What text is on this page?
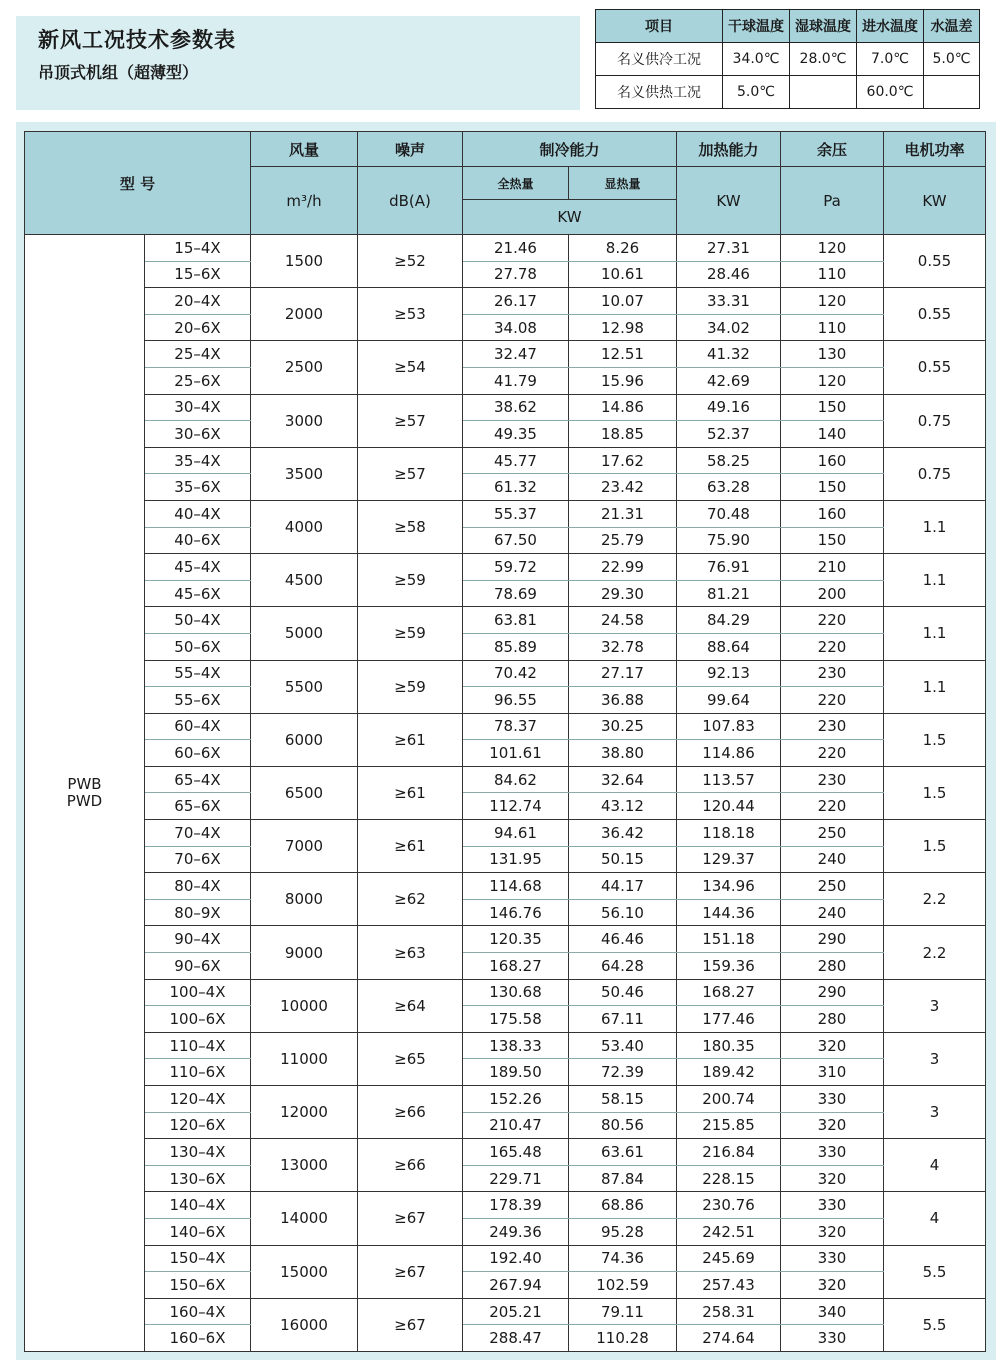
新风工况技术参数表
吊顶式机组（超薄型）
项目	干球温度	湿球温度	进水温度	水温差
名义供冷工况	34.0℃	28.0℃	7.0℃	5.0℃
名义供热工况	5.0℃		60.0℃	
型 号		风量	噪声	制冷能力		加热能力	余压	电机功率
		m³/h	dB(A)	全热量	显热量	KW	Pa	KW
				KW				

PWB
PWD	15–4X	1500	≥52	21.46	8.26	27.31	120	0.55
	15–6X			27.78	10.61	28.46	110	
	20–4X	2000	≥53	26.17	10.07	33.31	120	0.55
	20–6X			34.08	12.98	34.02	110	
	25–4X	2500	≥54	32.47	12.51	41.32	130	0.55
	25–6X			41.79	15.96	42.69	120	
	30–4X	3000	≥57	38.62	14.86	49.16	150	0.75
	30–6X			49.35	18.85	52.37	140	
	35–4X	3500	≥57	45.77	17.62	58.25	160	0.75
	35–6X			61.32	23.42	63.28	150	
	40–4X	4000	≥58	55.37	21.31	70.48	160	1.1
	40–6X			67.50	25.79	75.90	150	
	45–4X	4500	≥59	59.72	22.99	76.91	210	1.1
	45–6X			78.69	29.30	81.21	200	
	50–4X	5000	≥59	63.81	24.58	84.29	220	1.1
	50–6X			85.89	32.78	88.64	220	
	55–4X	5500	≥59	70.42	27.17	92.13	230	1.1
	55–6X			96.55	36.88	99.64	220	
	60–4X	6000	≥61	78.37	30.25	107.83	230	1.5
	60–6X			101.61	38.80	114.86	220	
	65–4X	6500	≥61	84.62	32.64	113.57	230	1.5
	65–6X			112.74	43.12	120.44	220	
	70–4X	7000	≥61	94.61	36.42	118.18	250	1.5
	70–6X			131.95	50.15	129.37	240	
	80–4X	8000	≥62	114.68	44.17	134.96	250	2.2
	80–9X			146.76	56.10	144.36	240	
	90–4X	9000	≥63	120.35	46.46	151.18	290	2.2
	90–6X			168.27	64.28	159.36	280	
	100–4X	10000	≥64	130.68	50.46	168.27	290	3
	100–6X			175.58	67.11	177.46	280	
	110–4X	11000	≥65	138.33	53.40	180.35	320	3
	110–6X			189.50	72.39	189.42	310	
	120–4X	12000	≥66	152.26	58.15	200.74	330	3
	120–6X			210.47	80.56	215.85	320	
	130–4X	13000	≥66	165.48	63.61	216.84	330	4
	130–6X			229.71	87.84	228.15	320	
	140–4X	14000	≥67	178.39	68.86	230.76	330	4
	140–6X			249.36	95.28	242.51	320	
	150–4X	15000	≥67	192.40	74.36	245.69	330	5.5
	150–6X			267.94	102.59	257.43	320	
	160–4X	16000	≥67	205.21	79.11	258.31	340	5.5
	160–6X			288.47	110.28	274.64	330	
